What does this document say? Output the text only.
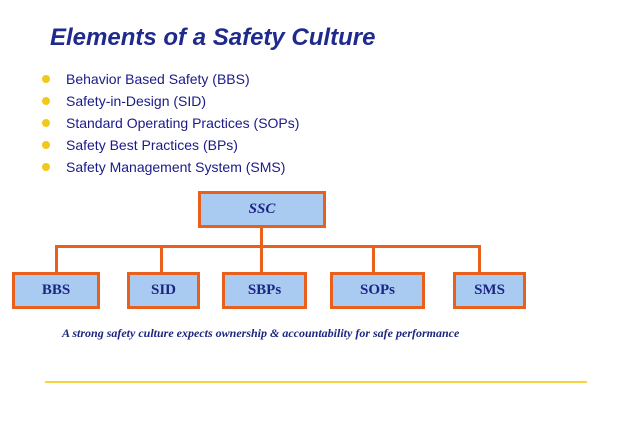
Elements of a Safety Culture
Behavior Based Safety (BBS)
Safety-in-Design (SID)
Standard Operating Practices (SOPs)
Safety Best Practices (BPs)
Safety Management System (SMS)
SSC
BBS	SID	SBPs	SOPs	SMS
A strong safety culture expects ownership & accountability for safe performance
